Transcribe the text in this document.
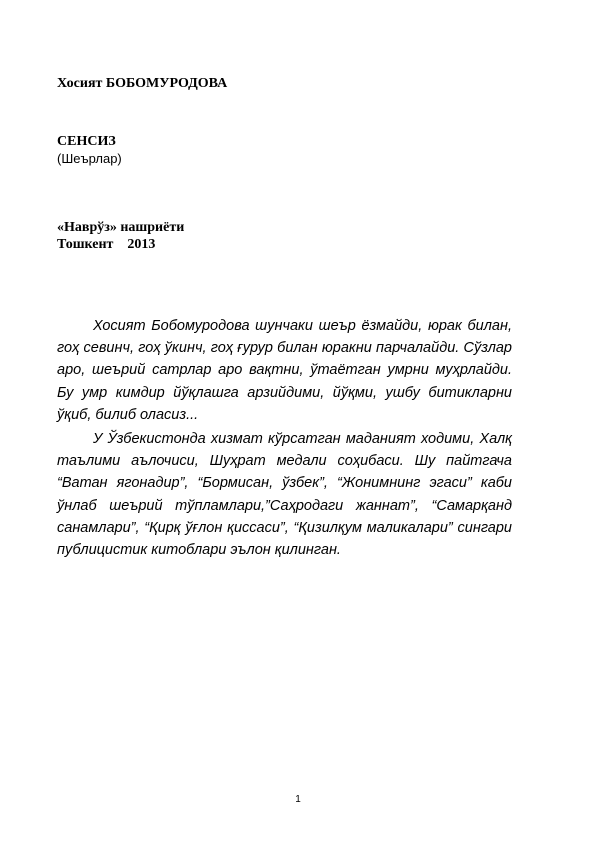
Хосият БОБОМУРОДОВА

СЕНСИЗ

(Шеърлар)

«Наврўз» нашриёти

Тошкент 2013

Хосият Бобомуродова шунчаки шеър ёзмайди, юрак билан, гоҳ севинч, гоҳ ўкинч, гоҳ ғурур билан юракни парчалайди. Сўзлар аро, шеърий сатрлар аро вақтни, ўтаётган умрни муҳрлайди. Бу умр кимдир йўқлашга арзийдими, йўқми, ушбу битикларни ўқиб, билиб оласиз...

У Ўзбекистонда хизмат кўрсатган маданият ходими, Халқ таълими аълочиси, Шуҳрат медали соҳибаси. Шу пайтгача “Ватан ягонадир”, “Бормисан, ўзбек”, “Жонимнинг эгаси” каби ўнлаб шеърий тўпламлари,”Саҳродаги жаннат”, “Самарқанд санамлари”, “Қирқ ўғлон қиссаси”, “Қизилқум маликалари” сингари публицистик китоблари эълон қилинган.

1
